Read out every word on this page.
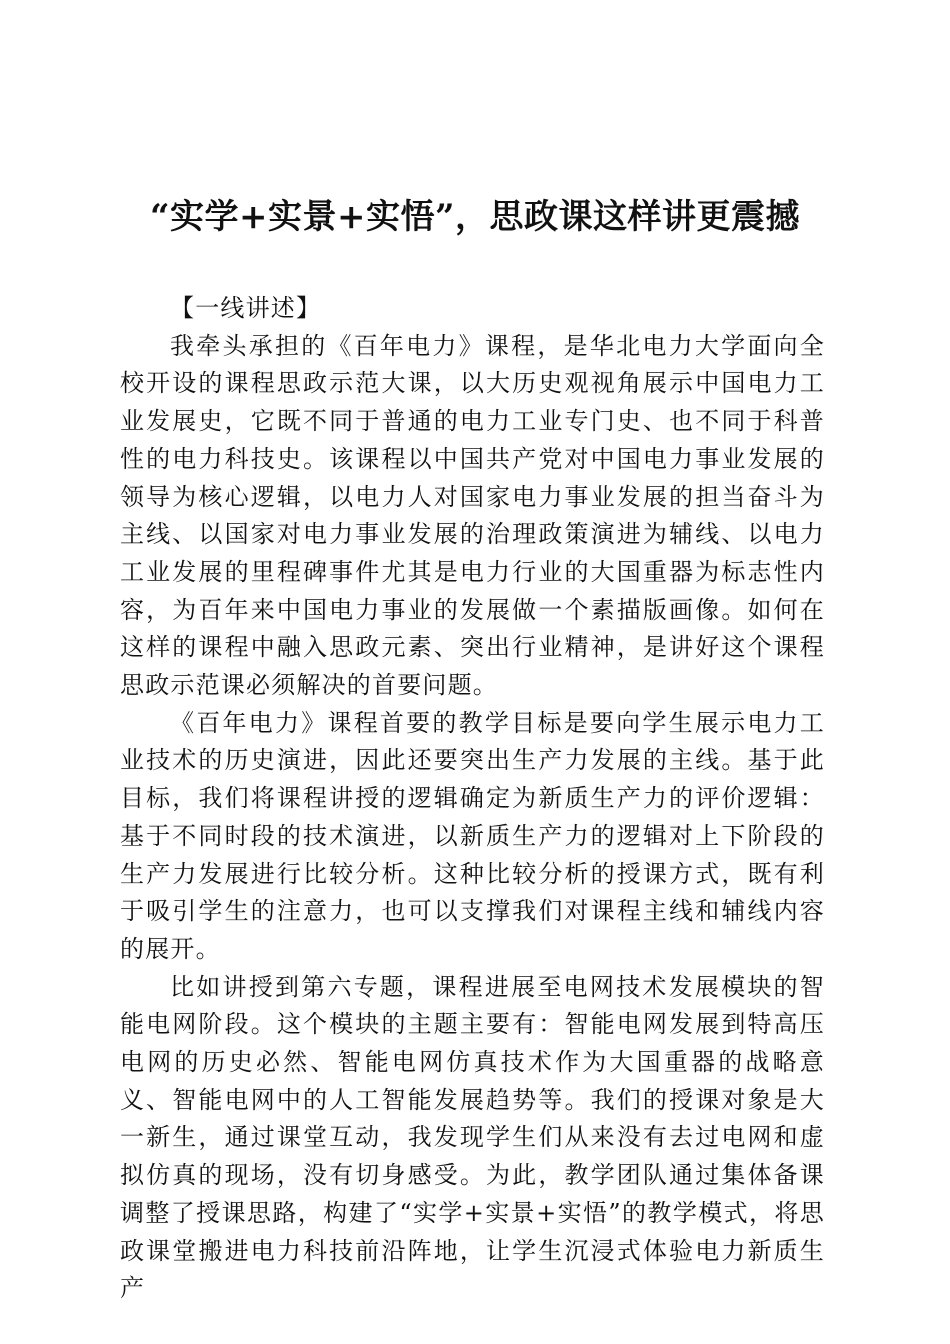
“实学+实景+实悟”，思政课这样讲更震撼

【一线讲述】

我牵头承担的《百年电力》课程，是华北电力大学面向全校开设的课程思政示范大课，以大历史观视角展示中国电力工业发展史，它既不同于普通的电力工业专门史、也不同于科普性的电力科技史。该课程以中国共产党对中国电力事业发展的领导为核心逻辑，以电力人对国家电力事业发展的担当奋斗为主线、以国家对电力事业发展的治理政策演进为辅线、以电力工业发展的里程碑事件尤其是电力行业的大国重器为标志性内容，为百年来中国电力事业的发展做一个素描版画像。如何在这样的课程中融入思政元素、突出行业精神，是讲好这个课程思政示范课必须解决的首要问题。

《百年电力》课程首要的教学目标是要向学生展示电力工业技术的历史演进，因此还要突出生产力发展的主线。基于此目标，我们将课程讲授的逻辑确定为新质生产力的评价逻辑：基于不同时段的技术演进，以新质生产力的逻辑对上下阶段的生产力发展进行比较分析。这种比较分析的授课方式，既有利于吸引学生的注意力，也可以支撑我们对课程主线和辅线内容的展开。

比如讲授到第六专题，课程进展至电网技术发展模块的智能电网阶段。这个模块的主题主要有：智能电网发展到特高压电网的历史必然、智能电网仿真技术作为大国重器的战略意义、智能电网中的人工智能发展趋势等。我们的授课对象是大一新生，通过课堂互动，我发现学生们从来没有去过电网和虚拟仿真的现场，没有切身感受。为此，教学团队通过集体备课调整了授课思路，构建了“实学+实景+实悟”的教学模式，将思政课堂搬进电力科技前沿阵地，让学生沉浸式体验电力新质生产
